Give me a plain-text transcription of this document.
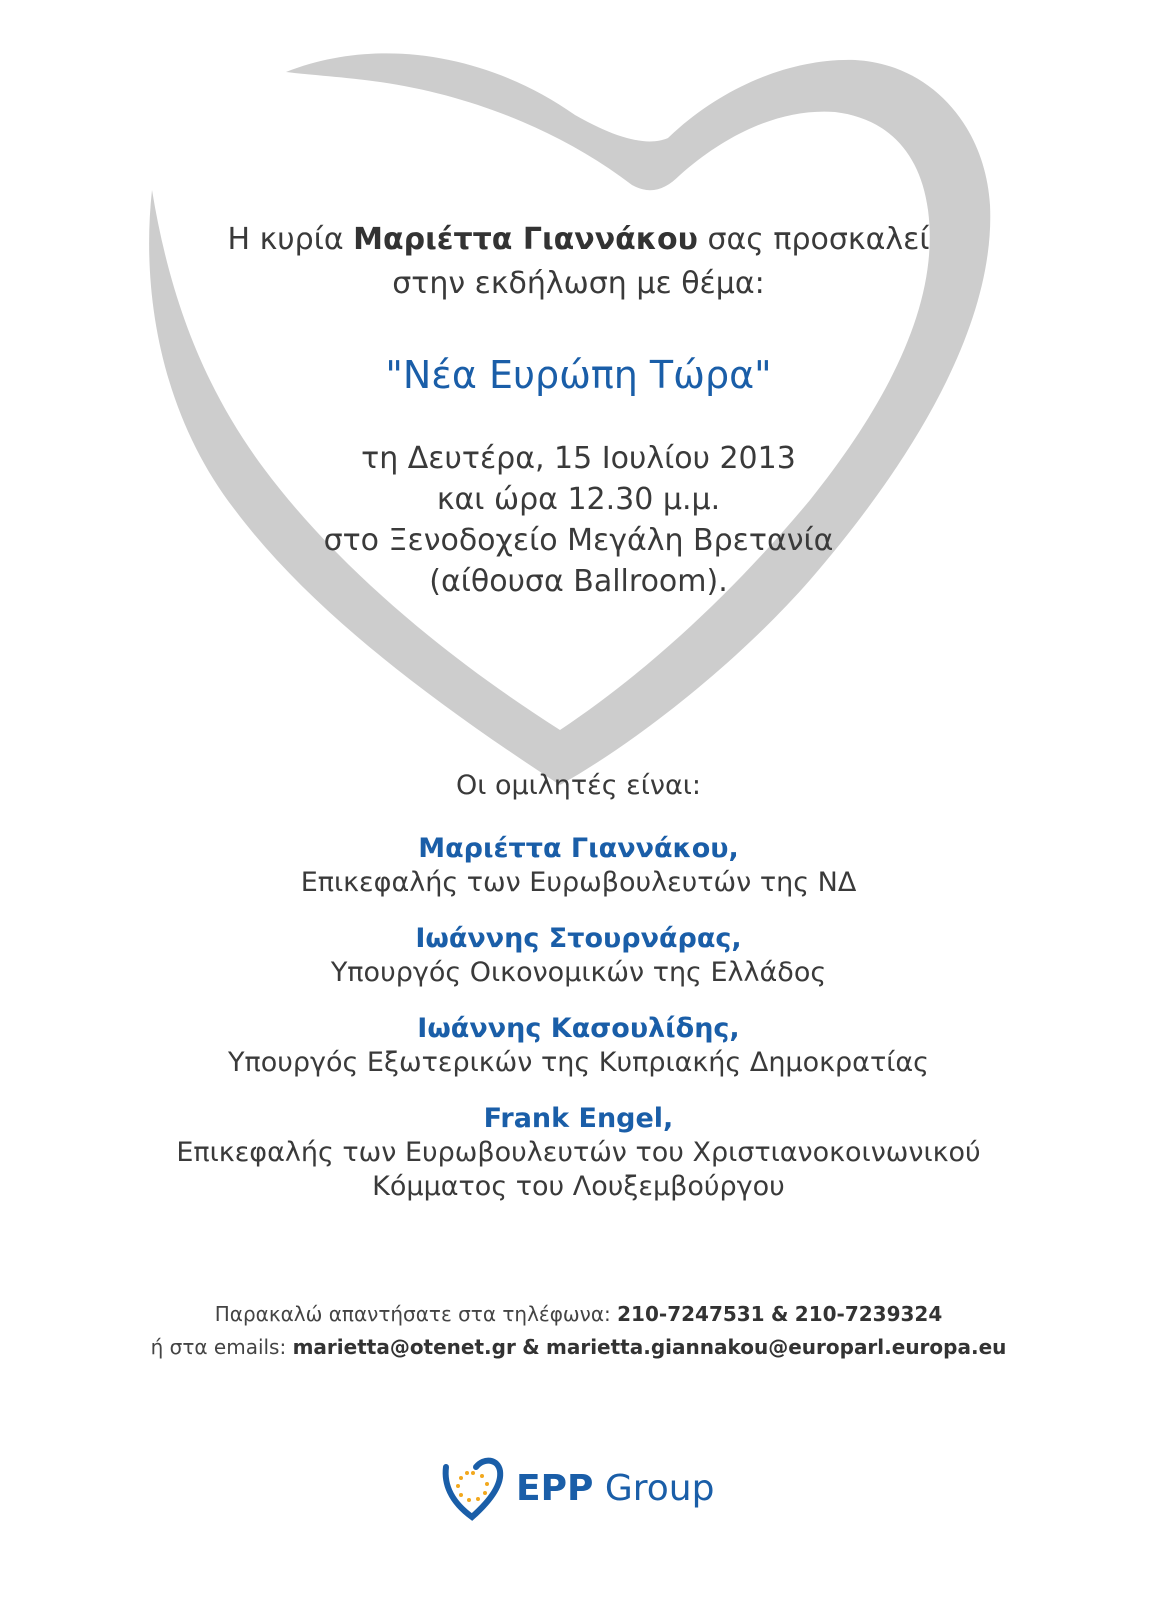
Η κυρία Μαριέττα Γιαννάκου σας προσκαλεί
στην εκδήλωση με θέμα:
"Νέα Ευρώπη Τώρα"
τη Δευτέρα, 15 Ιουλίου 2013
και ώρα 12.30 μ.μ.
στο Ξενοδοχείο Μεγάλη Βρετανία
(αίθουσα Ballroom).
Οι ομιλητές είναι:
Μαριέττα Γιαννάκου,
Επικεφαλής των Ευρωβουλευτών της ΝΔ
Ιωάννης Στουρνάρας,
Υπουργός Οικονομικών της Ελλάδος
Ιωάννης Κασουλίδης,
Υπουργός Εξωτερικών της Κυπριακής Δημοκρατίας
Frank Engel,
Επικεφαλής των Ευρωβουλευτών του Χριστιανοκοινωνικού
Κόμματος του Λουξεμβούργου
Παρακαλώ απαντήσατε στα τηλέφωνα: 210-7247531 & 210-7239324
ή στα emails: marietta@otenet.gr & marietta.giannakou@europarl.europa.eu
EPP Group
